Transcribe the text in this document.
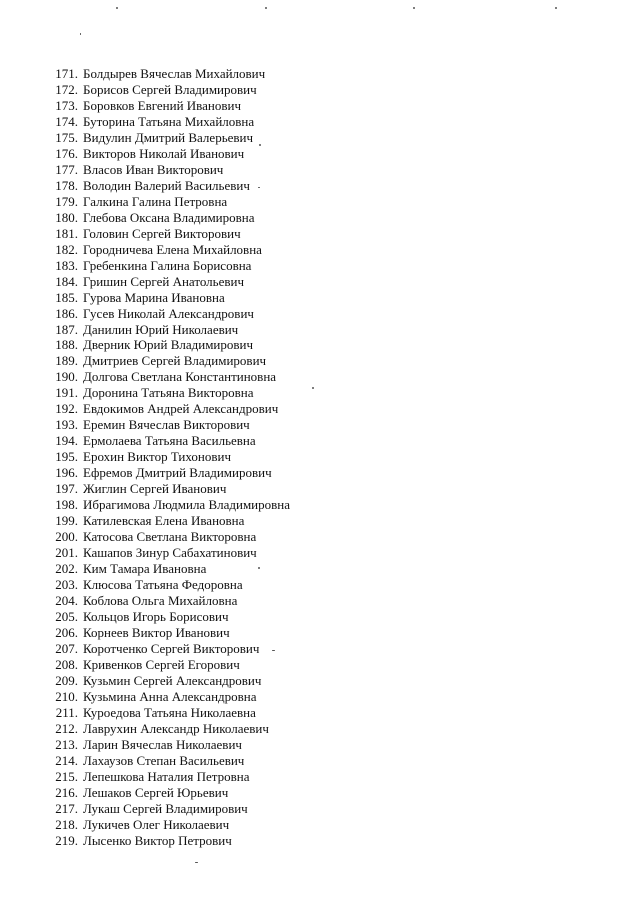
171. Болдырев Вячеслав Михайлович
172. Борисов Сергей Владимирович
173. Боровков Евгений Иванович
174. Буторина Татьяна Михайловна
175. Видулин Дмитрий Валерьевич
176. Викторов Николай Иванович
177. Власов Иван Викторович
178. Володин Валерий Васильевич
179. Галкина Галина Петровна
180. Глебова Оксана Владимировна
181. Головин Сергей Викторович
182. Городничева Елена Михайловна
183. Гребенкина Галина Борисовна
184. Гришин Сергей Анатольевич
185. Гурова Марина Ивановна
186. Гусев Николай Александрович
187. Данилин Юрий Николаевич
188. Дверник Юрий Владимирович
189. Дмитриев Сергей Владимирович
190. Долгова Светлана Константиновна
191. Доронина Татьяна Викторовна
192. Евдокимов Андрей Александрович
193. Еремин Вячеслав Викторович
194. Ермолаева Татьяна Васильевна
195. Ерохин Виктор Тихонович
196. Ефремов Дмитрий Владимирович
197. Жиглин Сергей Иванович
198. Ибрагимова Людмила Владимировна
199. Катилевская Елена Ивановна
200. Катосова Светлана Викторовна
201. Кашапов Зинур Сабахатинович
202. Ким Тамара Ивановна
203. Клюсова Татьяна Федоровна
204. Коблова Ольга Михайловна
205. Кольцов Игорь Борисович
206. Корнеев Виктор Иванович
207. Коротченко Сергей Викторович
208. Кривенков Сергей Егорович
209. Кузьмин Сергей Александрович
210. Кузьмина Анна Александровна
211. Куроедова Татьяна Николаевна
212. Лаврухин Александр Николаевич
213. Ларин Вячеслав Николаевич
214. Лахаузов Степан Васильевич
215. Лепешкова Наталия Петровна
216. Лешаков Сергей Юрьевич
217. Лукаш Сергей Владимирович
218. Лукичев Олег Николаевич
219. Лысенко Виктор Петрович
